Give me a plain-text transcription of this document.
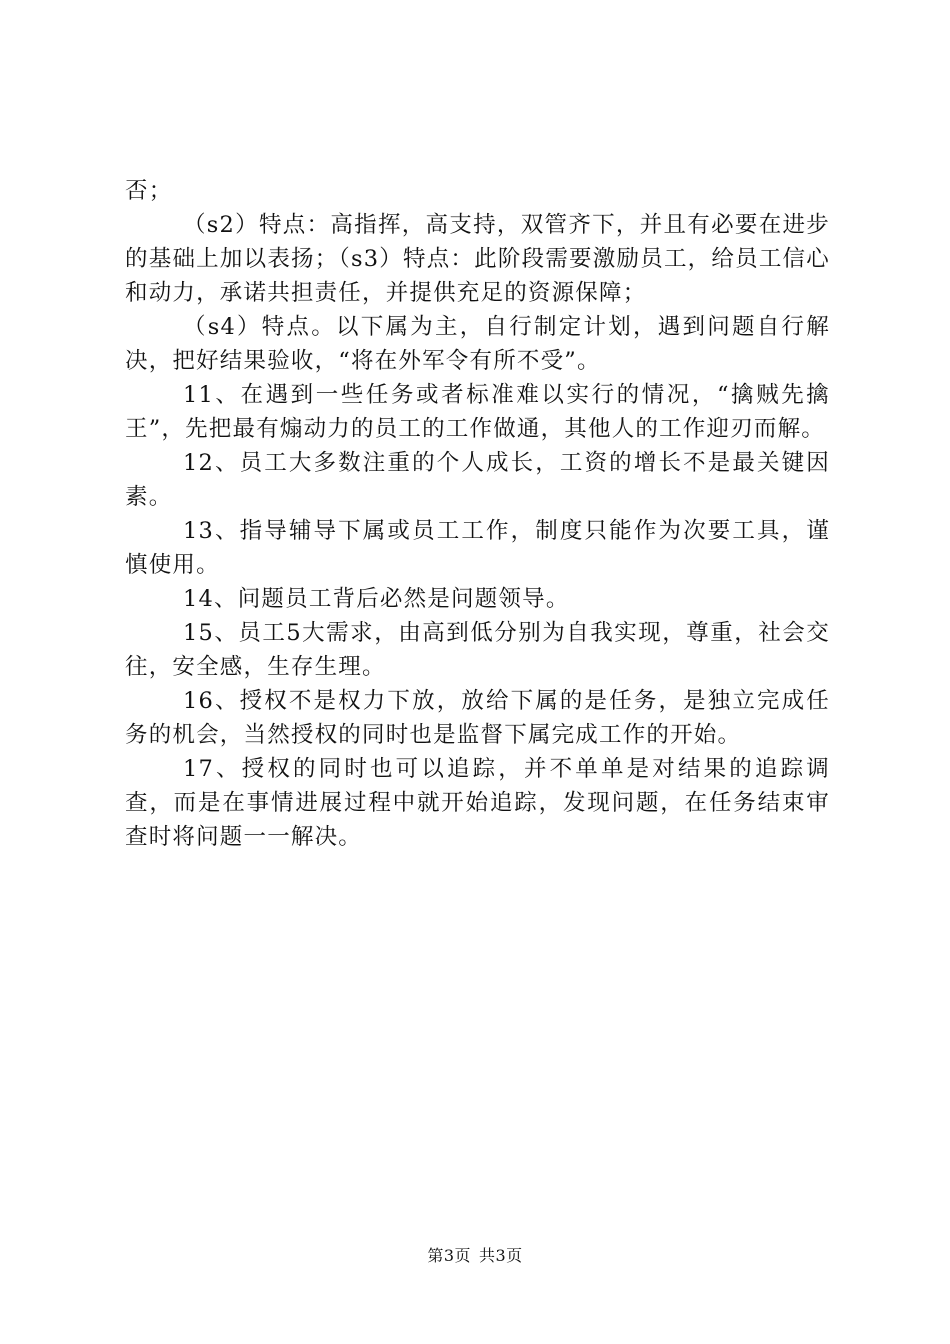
否；

（s2）特点：高指挥，高支持，双管齐下，并且有必要在进步的基础上加以表扬；（s3）特点：此阶段需要激励员工，给员工信心和动力，承诺共担责任，并提供充足的资源保障；

（s4）特点。以下属为主，自行制定计划，遇到问题自行解决，把好结果验收，“将在外军令有所不受”。

11、在遇到一些任务或者标准难以实行的情况，“擒贼先擒王”，先把最有煽动力的员工的工作做通，其他人的工作迎刃而解。

12、员工大多数注重的个人成长，工资的增长不是最关键因素。

13、指导辅导下属或员工工作，制度只能作为次要工具，谨慎使用。

14、问题员工背后必然是问题领导。

15、员工5大需求，由高到低分别为自我实现，尊重，社会交往，安全感，生存生理。

16、授权不是权力下放，放给下属的是任务，是独立完成任务的机会，当然授权的同时也是监督下属完成工作的开始。

17、授权的同时也可以追踪，并不单单是对结果的追踪调查，而是在事情进展过程中就开始追踪，发现问题，在任务结束审查时将问题一一解决。

第3页 共3页
